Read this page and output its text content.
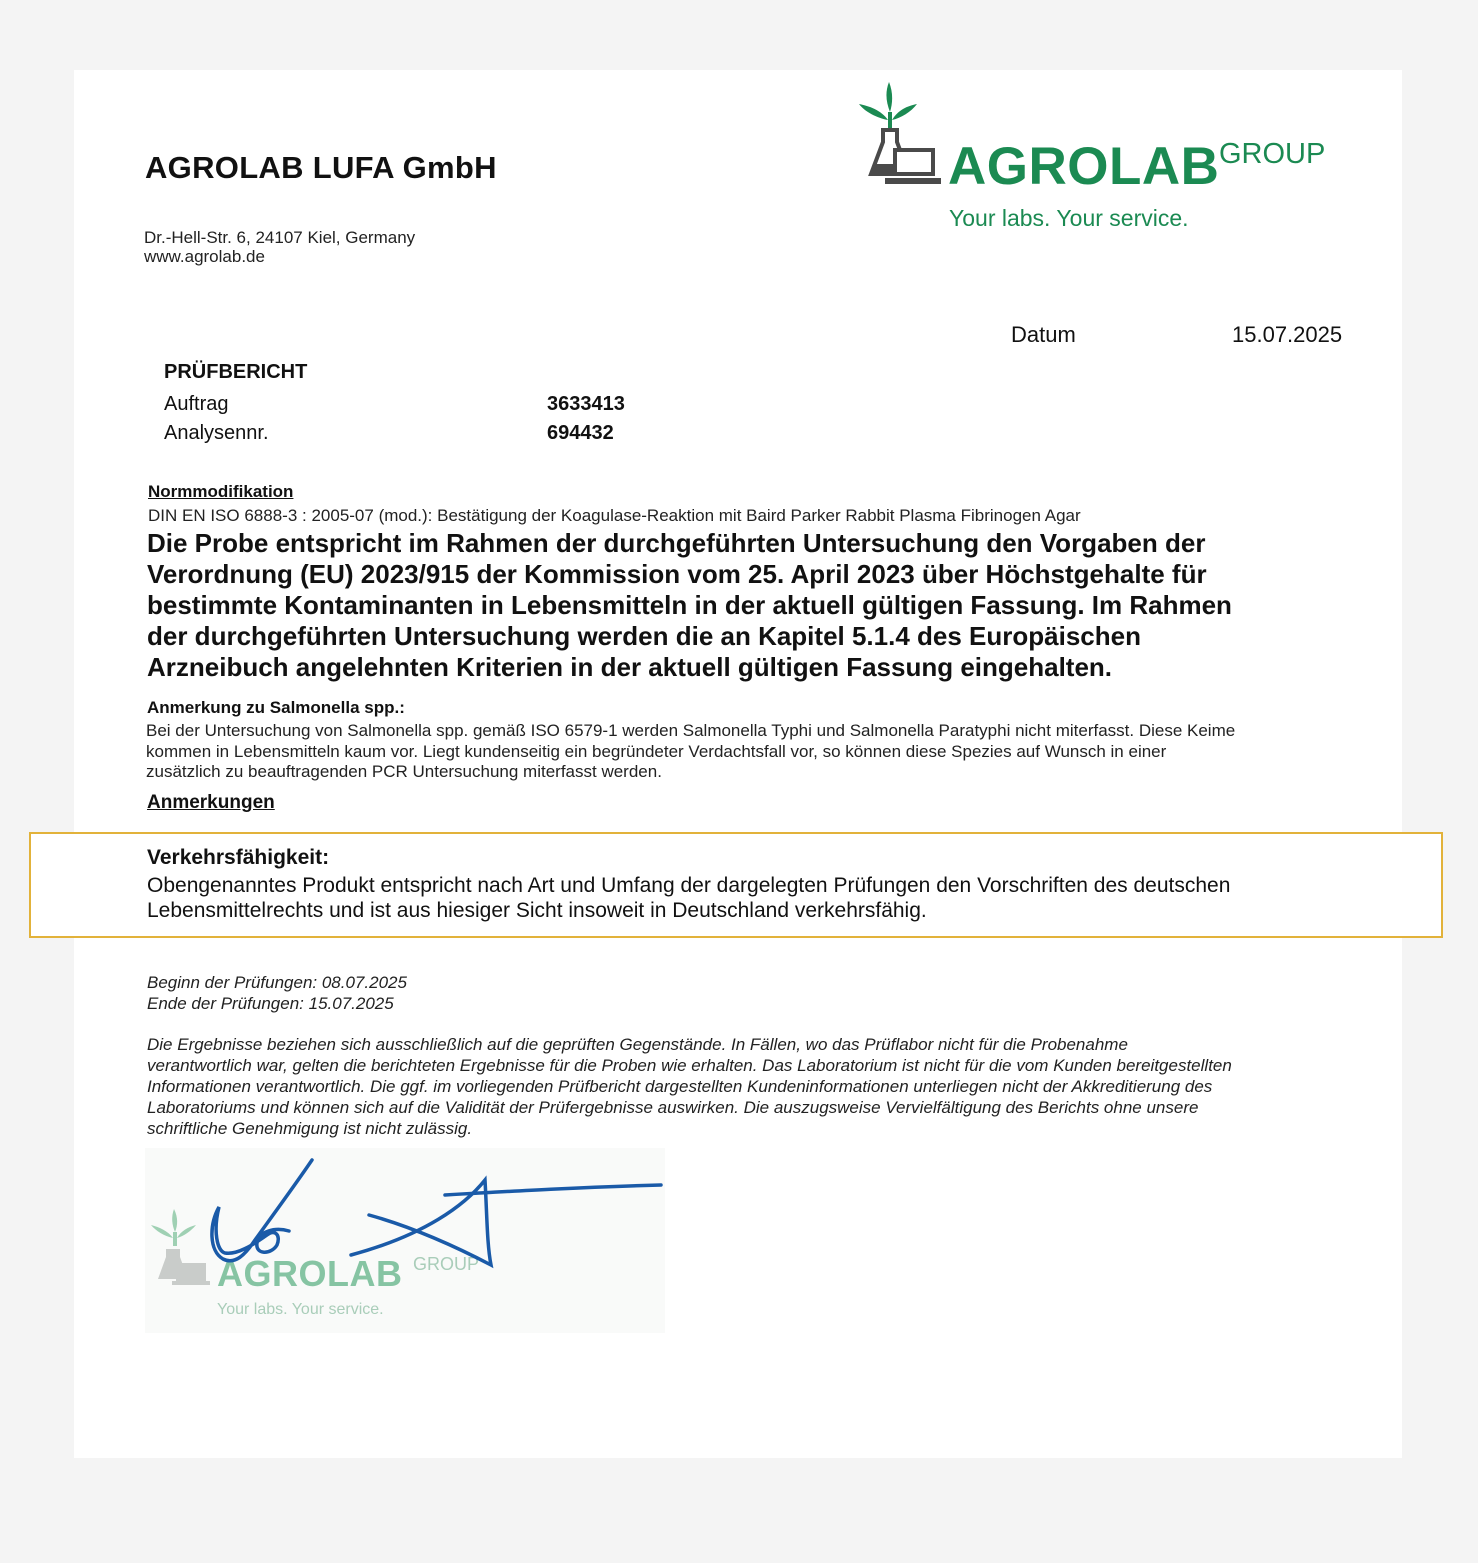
AGROLAB LUFA GmbH
Dr.-Hell-Str. 6, 24107 Kiel, Germany
www.agrolab.de
AGROLAB GROUP
Your labs. Your service.
Datum	15.07.2025
PRÜFBERICHT
Auftrag	3633413
Analysennr.	694432
Normmodifikation
DIN EN ISO 6888-3 : 2005-07 (mod.): Bestätigung der Koagulase-Reaktion mit Baird Parker Rabbit Plasma Fibrinogen Agar
Die Probe entspricht im Rahmen der durchgeführten Untersuchung den Vorgaben der
Verordnung (EU) 2023/915 der Kommission vom 25. April 2023 über Höchstgehalte für
bestimmte Kontaminanten in Lebensmitteln in der aktuell gültigen Fassung. Im Rahmen
der durchgeführten Untersuchung werden die an Kapitel 5.1.4 des Europäischen
Arzneibuch angelehnten Kriterien in der aktuell gültigen Fassung eingehalten.
Anmerkung zu Salmonella spp.:
Bei der Untersuchung von Salmonella spp. gemäß ISO 6579-1 werden Salmonella Typhi und Salmonella Paratyphi nicht miterfasst. Diese Keime
kommen in Lebensmitteln kaum vor. Liegt kundenseitig ein begründeter Verdachtsfall vor, so können diese Spezies auf Wunsch in einer
zusätzlich zu beauftragenden PCR Untersuchung miterfasst werden.
Anmerkungen
Verkehrsfähigkeit:
Obengenanntes Produkt entspricht nach Art und Umfang der dargelegten Prüfungen den Vorschriften des deutschen
Lebensmittelrechts und ist aus hiesiger Sicht insoweit in Deutschland verkehrsfähig.
Beginn der Prüfungen: 08.07.2025
Ende der Prüfungen: 15.07.2025
Die Ergebnisse beziehen sich ausschließlich auf die geprüften Gegenstände. In Fällen, wo das Prüflabor nicht für die Probenahme
verantwortlich war, gelten die berichteten Ergebnisse für die Proben wie erhalten. Das Laboratorium ist nicht für die vom Kunden bereitgestellten
Informationen verantwortlich. Die ggf. im vorliegenden Prüfbericht dargestellten Kundeninformationen unterliegen nicht der Akkreditierung des
Laboratoriums und können sich auf die Validität der Prüfergebnisse auswirken. Die auszugsweise Vervielfältigung des Berichts ohne unsere
schriftliche Genehmigung ist nicht zulässig.
AGROLAB GROUP
Your labs. Your service.
